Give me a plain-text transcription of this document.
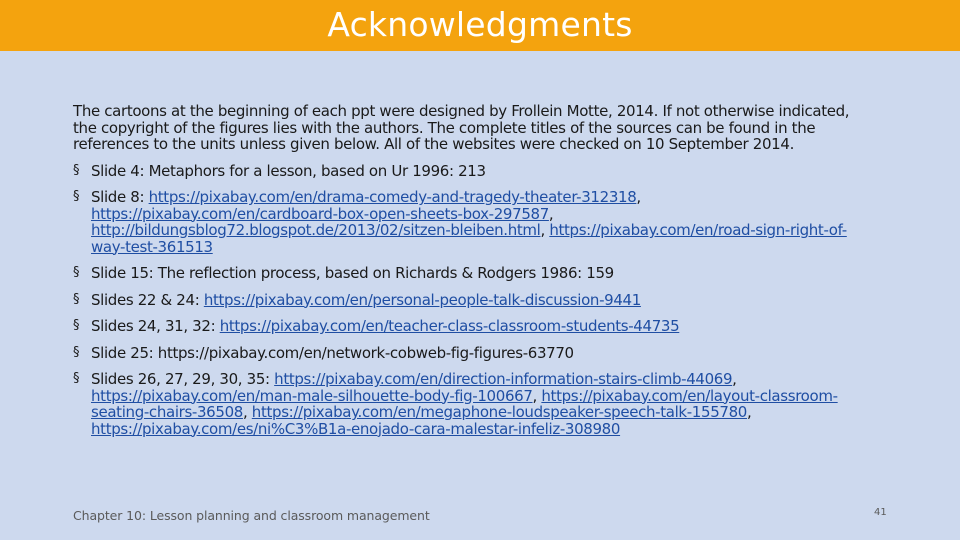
Acknowledgments

The cartoons at the beginning of each ppt were designed by Frollein Motte, 2014. If not otherwise indicated, the copyright of the figures lies with the authors. The complete titles of the sources can be found in the references to the units unless given below. All of the websites were checked on 10 September 2014.

§ Slide 4: Metaphors for a lesson, based on Ur 1996: 213
§ Slide 8: https://pixabay.com/en/drama-comedy-and-tragedy-theater-312318, https://pixabay.com/en/cardboard-box-open-sheets-box-297587, http://bildungsblog72.blogspot.de/2013/02/sitzen-bleiben.html, https://pixabay.com/en/road-sign-right-of-way-test-361513
§ Slide 15: The reflection process, based on Richards & Rodgers 1986: 159
§ Slides 22 & 24: https://pixabay.com/en/personal-people-talk-discussion-9441
§ Slides 24, 31, 32: https://pixabay.com/en/teacher-class-classroom-students-44735
§ Slide 25: https://pixabay.com/en/network-cobweb-fig-figures-63770
§ Slides 26, 27, 29, 30, 35: https://pixabay.com/en/direction-information-stairs-climb-44069, https://pixabay.com/en/man-male-silhouette-body-fig-100667, https://pixabay.com/en/layout-classroom-seating-chairs-36508, https://pixabay.com/en/megaphone-loudspeaker-speech-talk-155780, https://pixabay.com/es/ni%C3%B1a-enojado-cara-malestar-infeliz-308980
Chapter 10: Lesson planning and classroom management	41
